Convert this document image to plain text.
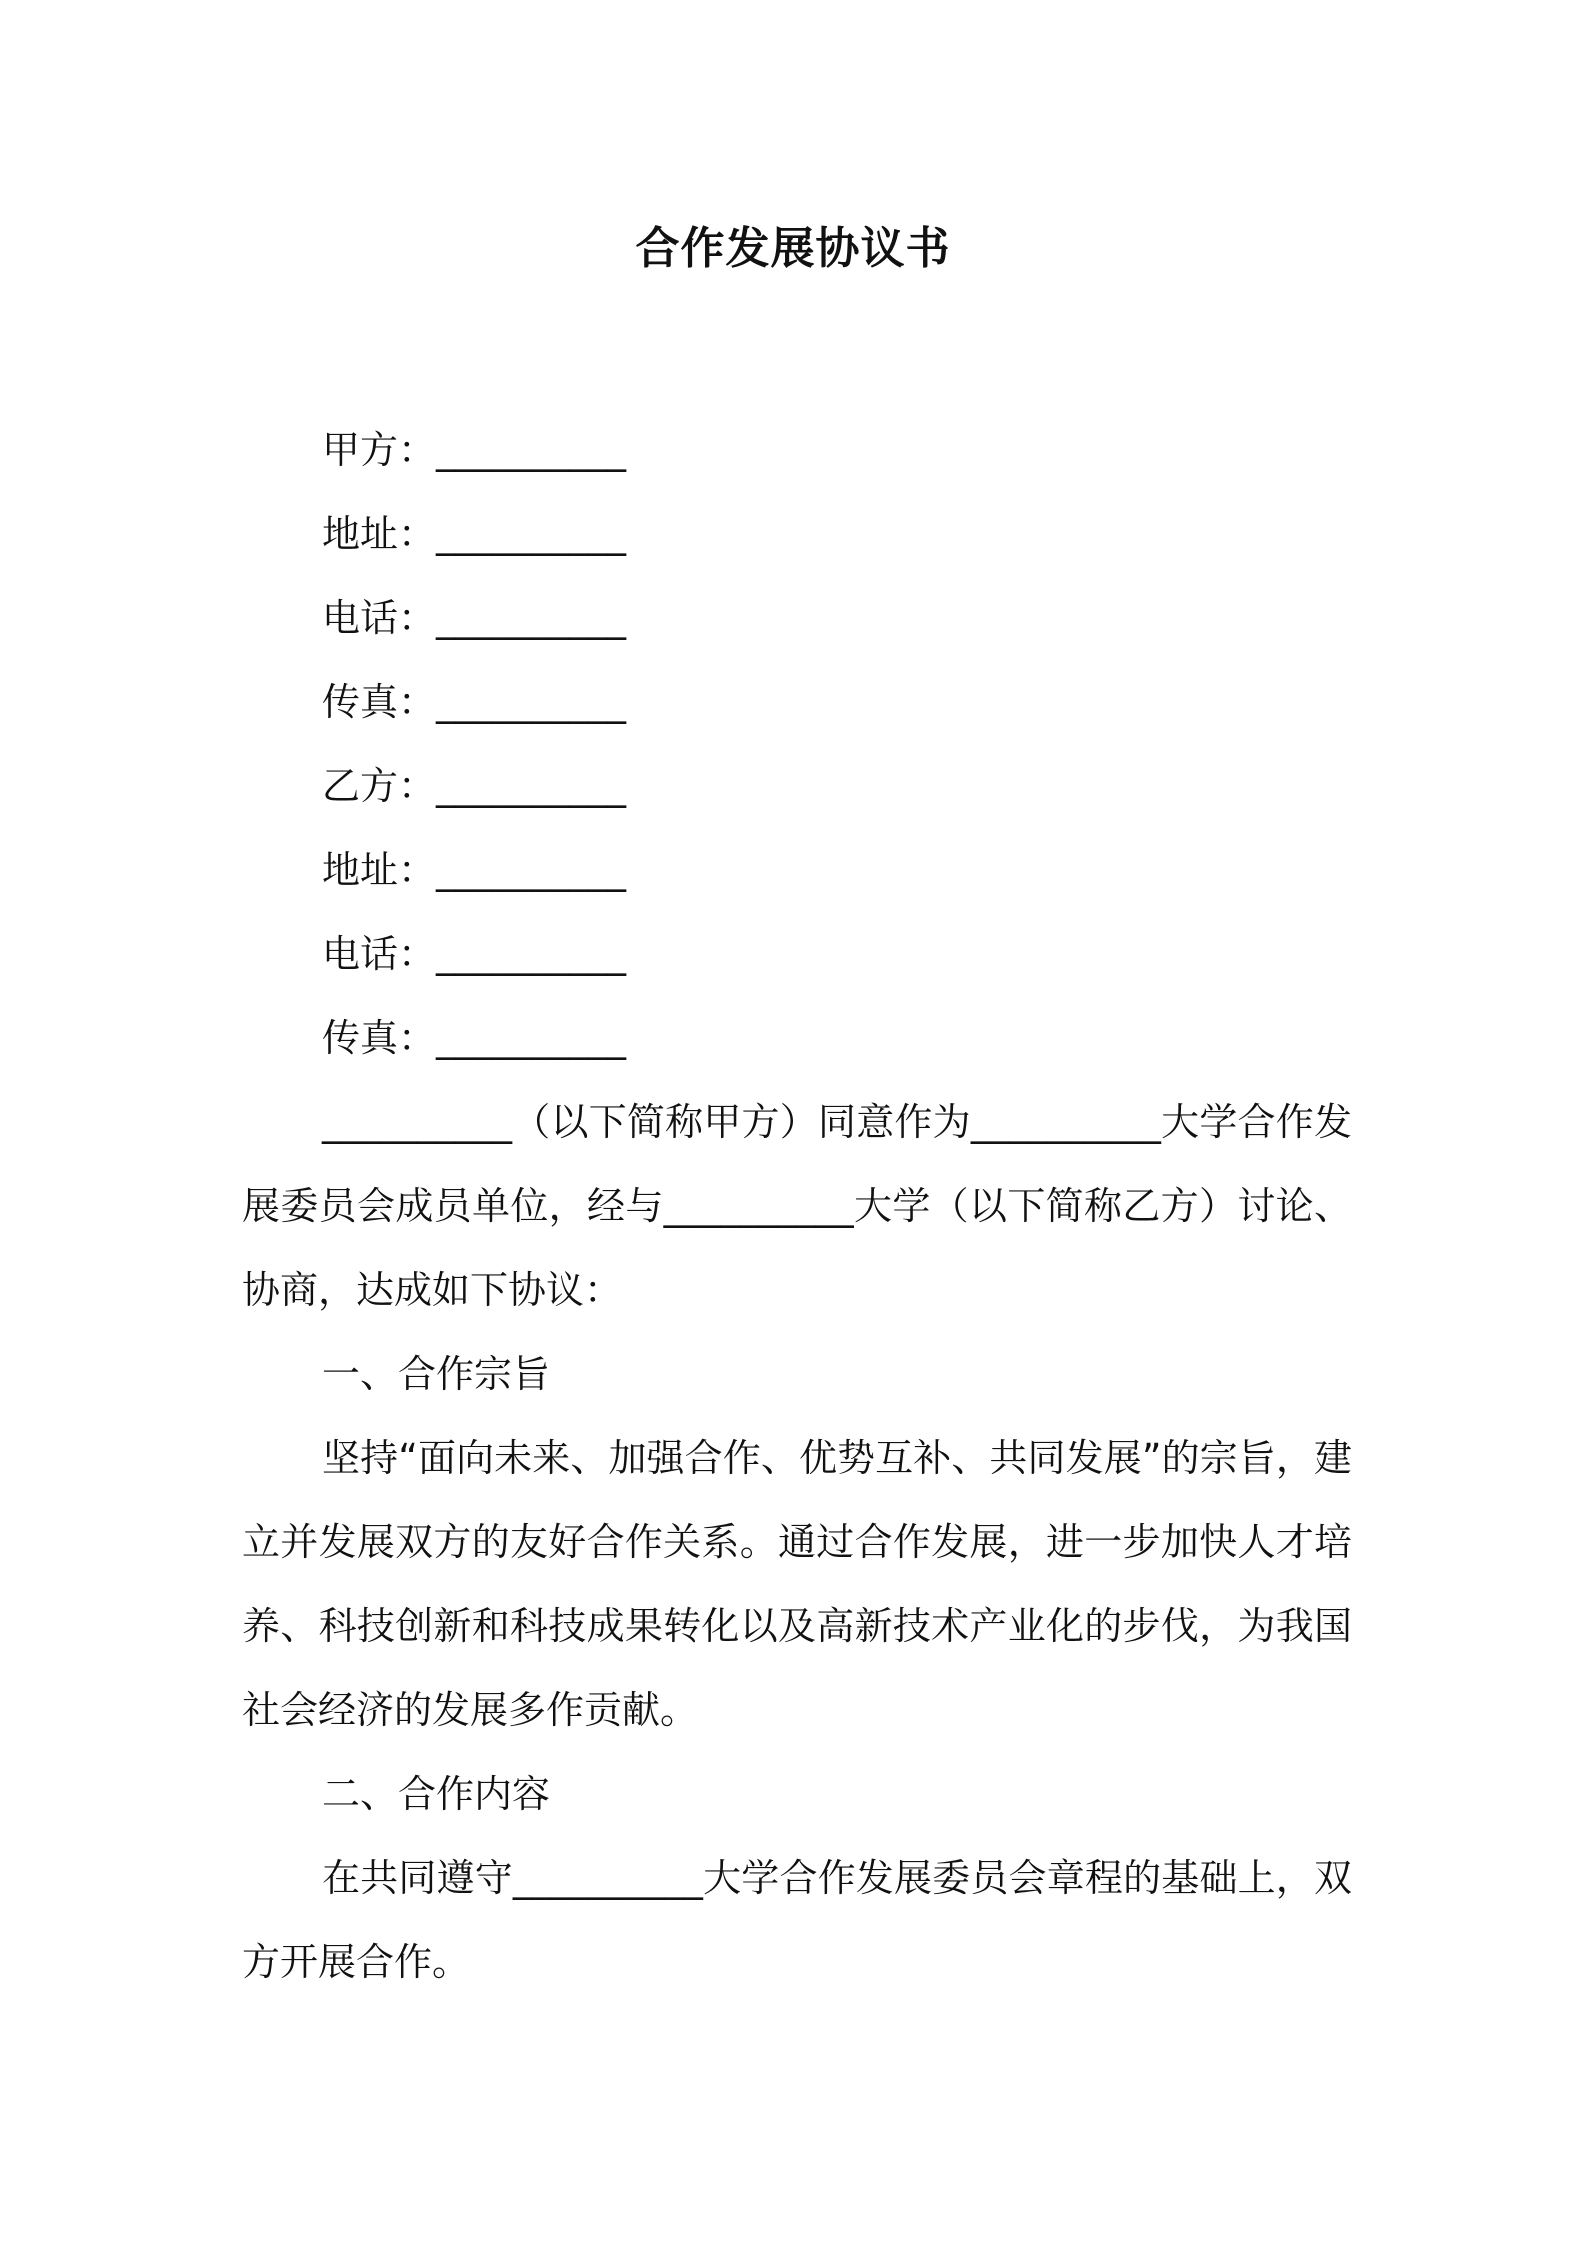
合作发展协议书
甲方：__________
地址：__________
电话：__________
传真：__________
乙方：__________
地址：__________
电话：__________
传真：__________

__________（以下简称甲方）同意作为__________大学合作发展委员会成员单位，经与__________大学（以下简称乙方）讨论、协商，达成如下协议：

一、合作宗旨

坚持“面向未来、加强合作、优势互补、共同发展”的宗旨，建立并发展双方的友好合作关系。通过合作发展，进一步加快人才培养、科技创新和科技成果转化以及高新技术产业化的步伐，为我国社会经济的发展多作贡献。

二、合作内容

在共同遵守__________大学合作发展委员会章程的基础上，双方开展合作。
